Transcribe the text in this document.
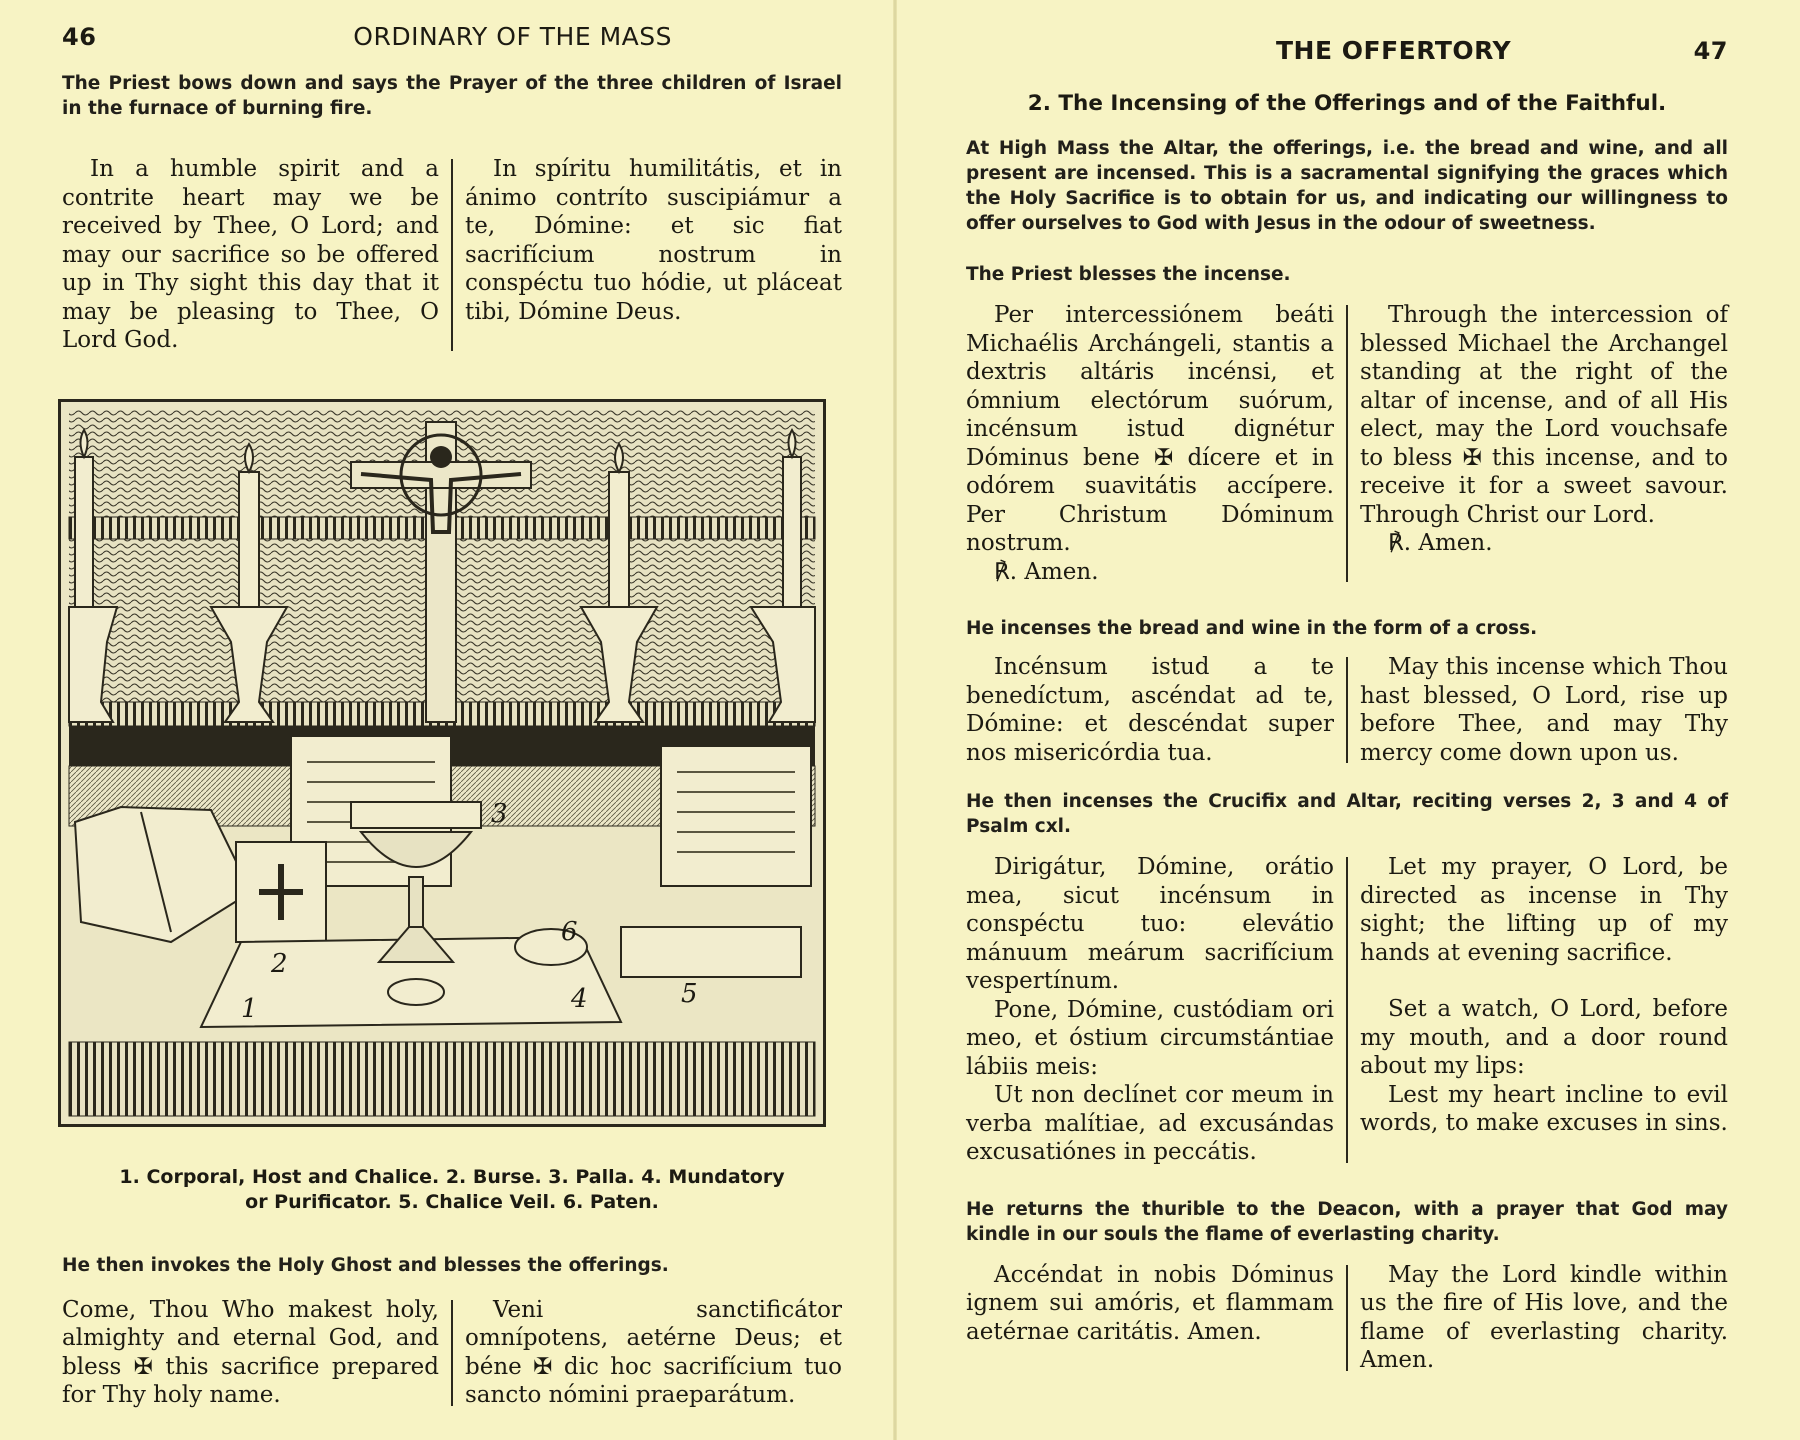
46	ORDINARY OF THE MASS
The Priest bows down and says the Prayer of the three children of Israel in the furnace of burning fire.
In a humble spirit and a contrite heart may we be received by Thee, O Lord; and may our sacrifice so be offered up in Thy sight this day that it may be pleasing to Thee, O Lord God.
In spíritu humilitátis, et in ánimo contríto suscipiámur a te, Dómine: et sic fiat sacrifícium nostrum in conspéctu tuo hódie, ut pláceat tibi, Dómine Deus.
1
2
3
4	5
6
1. Corporal, Host and Chalice. 2. Burse. 3. Palla. 4. Mundatory
or Purificator. 5. Chalice Veil. 6. Paten.
He then invokes the Holy Ghost and blesses the offerings.
Come, Thou Who makest holy, almighty and eternal God, and bless ✠ this sacrifice prepared for Thy holy name.
Veni sanctificátor omnípotens, aetérne Deus; et béne ✠ dic hoc sacrifícium tuo sancto nómini praeparátum.
THE OFFERTORY	47
2. The Incensing of the Offerings and of the Faithful.
At High Mass the Altar, the offerings, i.e. the bread and wine, and all present are incensed. This is a sacramental signifying the graces which the Holy Sacrifice is to obtain for us, and indicating our willingness to offer ourselves to God with Jesus in the odour of sweetness.
The Priest blesses the incense.
Per intercessiónem beáti Michaélis Archángeli, stantis a dextris altáris incénsi, et ómnium electórum suórum, incénsum istud dignétur Dóminus bene ✠ dícere et in odórem suavitátis accípere. Per Christum Dóminum nostrum.
℟. Amen.
Through the intercession of blessed Michael the Archangel standing at the right of the altar of incense, and of all His elect, may the Lord vouchsafe to bless ✠ this incense, and to receive it for a sweet savour. Through Christ our Lord.
℟. Amen.
He incenses the bread and wine in the form of a cross.
Incénsum istud a te benedíctum, ascéndat ad te, Dómine: et descéndat super nos misericórdia tua.
May this incense which Thou hast blessed, O Lord, rise up before Thee, and may Thy mercy come down upon us.
He then incenses the Crucifix and Altar, reciting verses 2, 3 and 4 of Psalm cxl.
Dirigátur, Dómine, orátio mea, sicut incénsum in conspéctu tuo: elevátio mánuum meárum sacrifícium vespertínum.
Pone, Dómine, custódiam ori meo, et óstium circumstántiae lábiis meis:
Ut non declínet cor meum in verba malítiae, ad excusándas excusatiónes in peccátis.
Let my prayer, O Lord, be directed as incense in Thy sight; the lifting up of my hands at evening sacrifice.
Set a watch, O Lord, before my mouth, and a door round about my lips:
Lest my heart incline to evil words, to make excuses in sins.
He returns the thurible to the Deacon, with a prayer that God may kindle in our souls the flame of everlasting charity.
Accéndat in nobis Dóminus ignem sui amóris, et flammam aetérnae caritátis. Amen.
May the Lord kindle within us the fire of His love, and the flame of everlasting charity. Amen.
